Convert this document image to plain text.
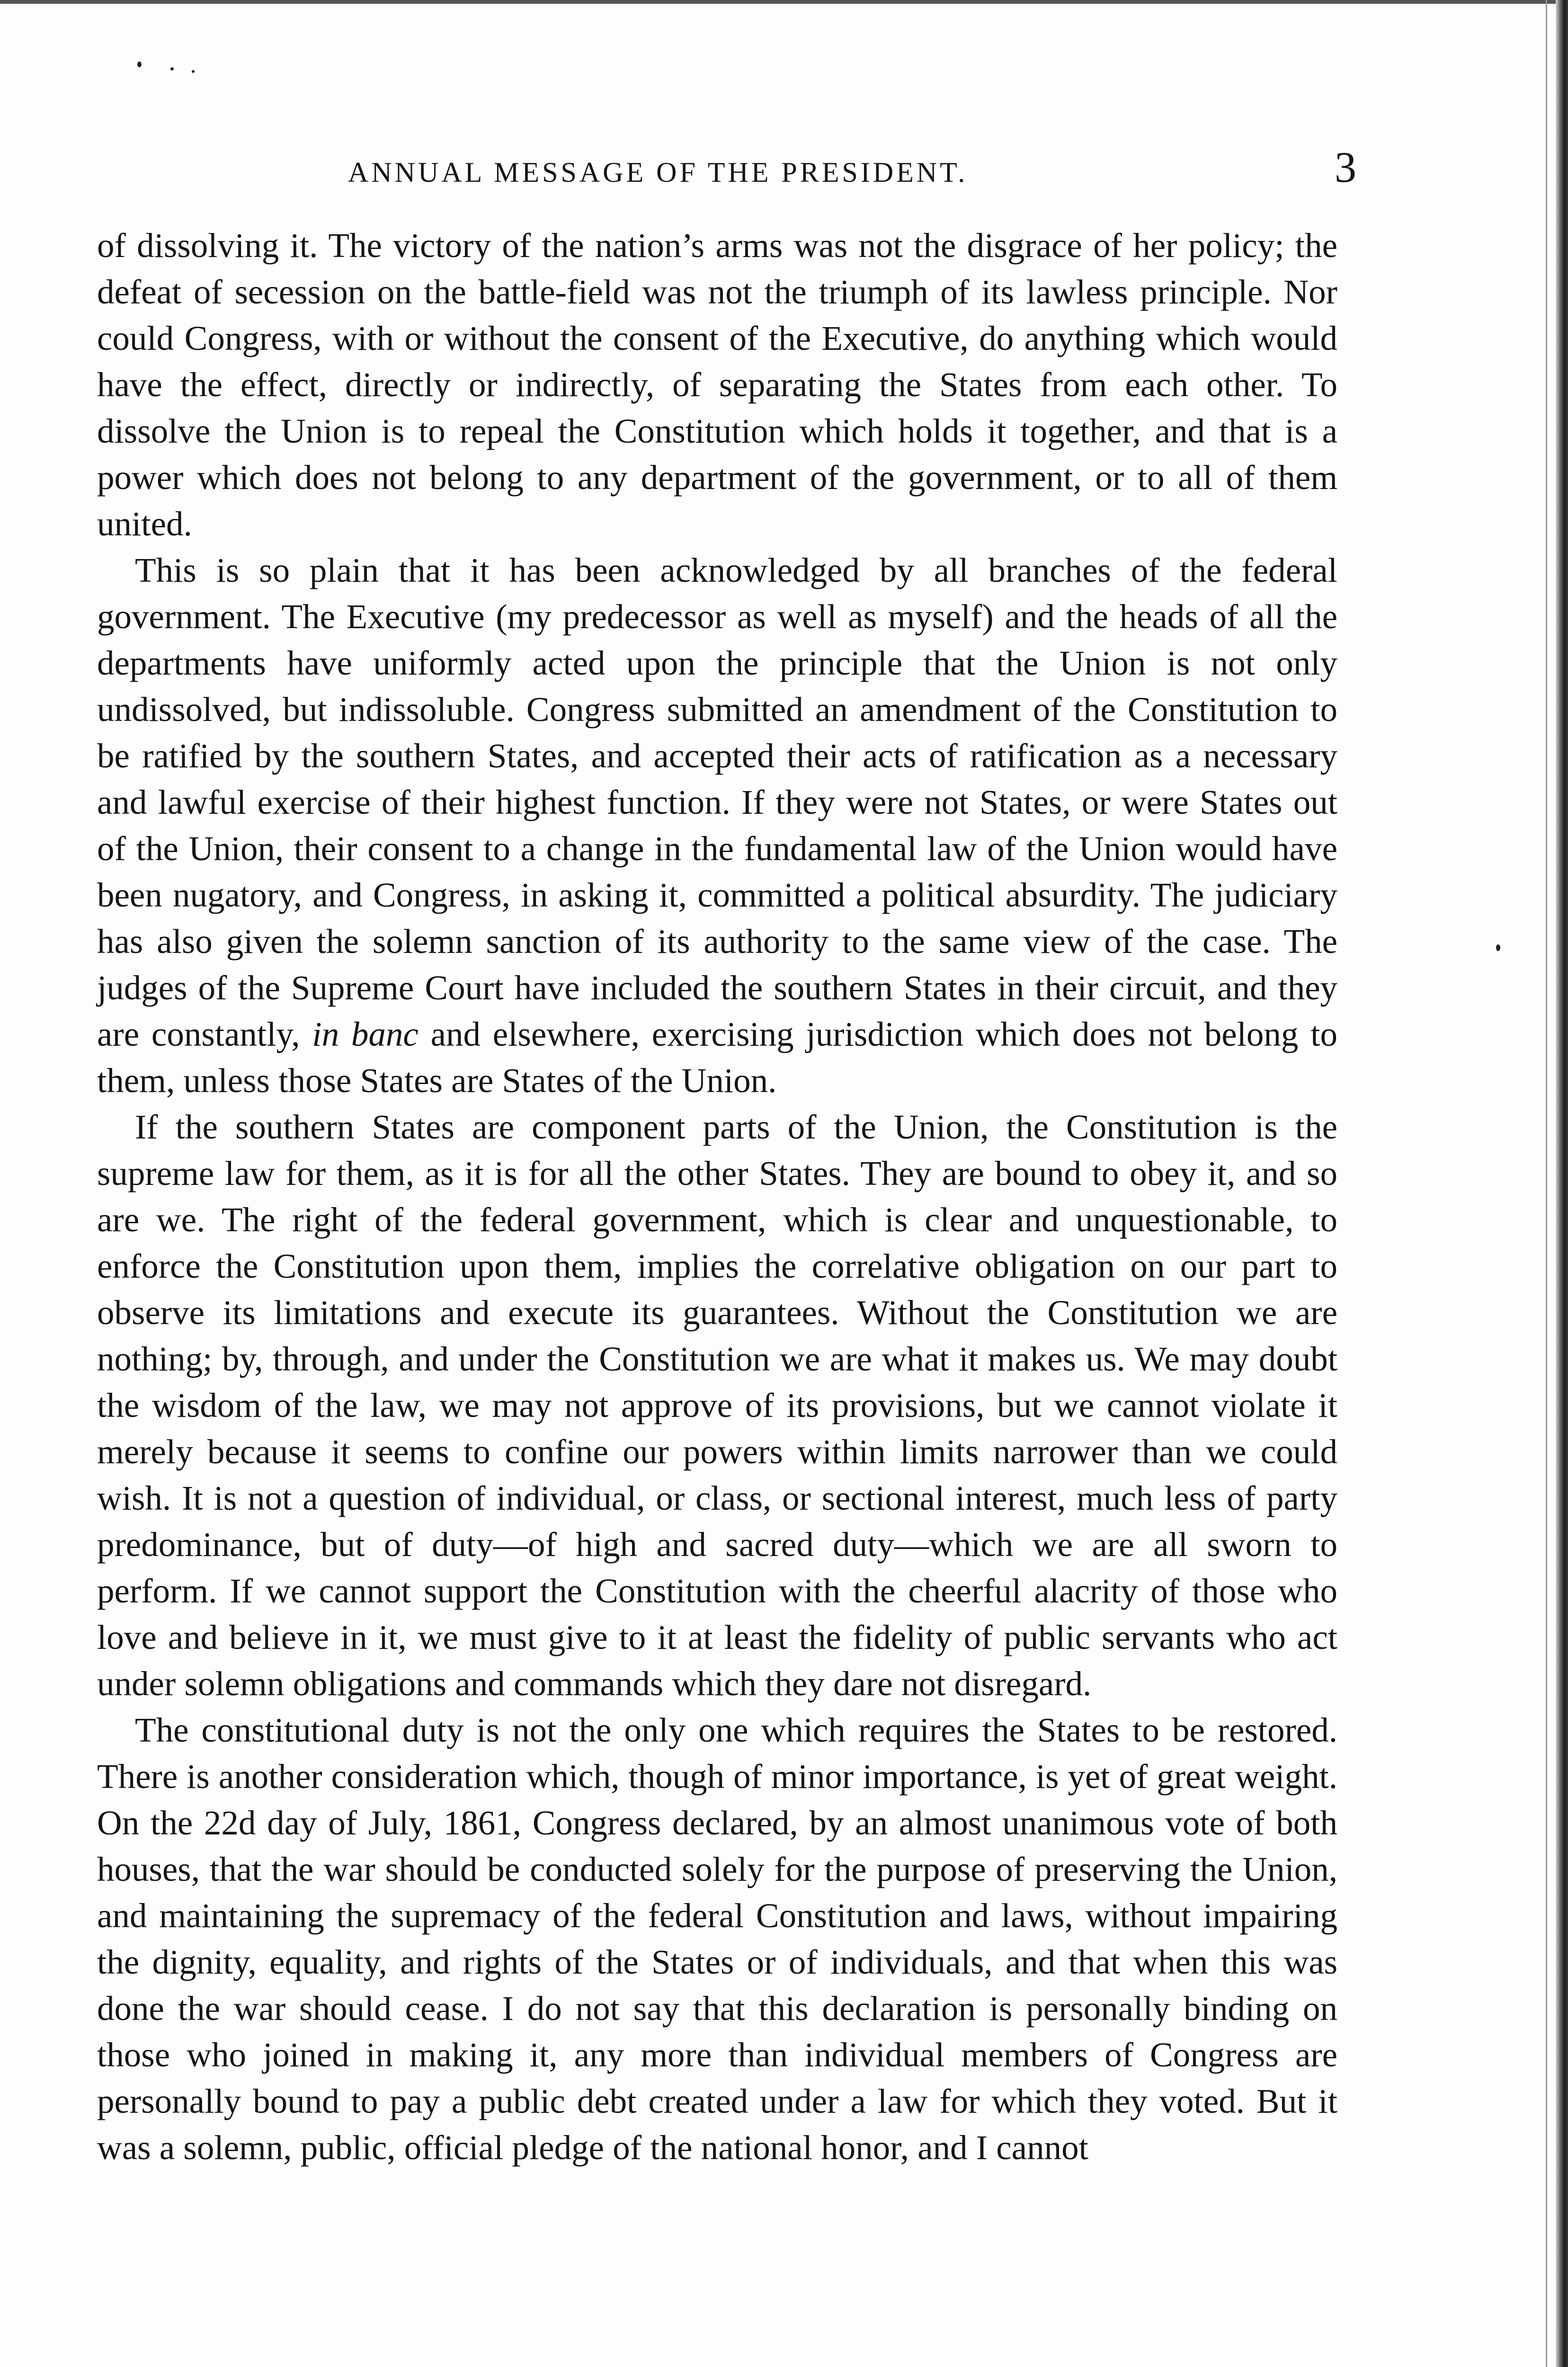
ANNUAL MESSAGE OF THE PRESIDENT.	3

of dissolving it. The victory of the nation’s arms was not the disgrace of her policy; the defeat of secession on the battle-field was not the triumph of its lawless principle. Nor could Congress, with or without the consent of the Executive, do anything which would have the effect, directly or indirectly, of separating the States from each other. To dissolve the Union is to repeal the Constitution which holds it together, and that is a power which does not belong to any department of the government, or to all of them united.

This is so plain that it has been acknowledged by all branches of the federal government. The Executive (my predecessor as well as myself) and the heads of all the departments have uniformly acted upon the principle that the Union is not only undissolved, but indissoluble. Congress submitted an amendment of the Constitution to be ratified by the southern States, and accepted their acts of ratification as a necessary and lawful exercise of their highest function. If they were not States, or were States out of the Union, their consent to a change in the fundamental law of the Union would have been nugatory, and Congress, in asking it, committed a political absurdity. The judiciary has also given the solemn sanction of its authority to the same view of the case. The judges of the Supreme Court have included the southern States in their circuit, and they are constantly, in banc and elsewhere, exercising jurisdiction which does not belong to them, unless those States are States of the Union.

If the southern States are component parts of the Union, the Constitution is the supreme law for them, as it is for all the other States. They are bound to obey it, and so are we. The right of the federal government, which is clear and unquestionable, to enforce the Constitution upon them, implies the correlative obligation on our part to observe its limitations and execute its guarantees. Without the Constitution we are nothing; by, through, and under the Constitution we are what it makes us. We may doubt the wisdom of the law, we may not approve of its provisions, but we cannot violate it merely because it seems to confine our powers within limits narrower than we could wish. It is not a question of individual, or class, or sectional interest, much less of party predominance, but of duty—of high and sacred duty—which we are all sworn to perform. If we cannot support the Constitution with the cheerful alacrity of those who love and believe in it, we must give to it at least the fidelity of public servants who act under solemn obligations and commands which they dare not disregard.

The constitutional duty is not the only one which requires the States to be restored. There is another consideration which, though of minor importance, is yet of great weight. On the 22d day of July, 1861, Congress declared, by an almost unanimous vote of both houses, that the war should be conducted solely for the purpose of preserving the Union, and maintaining the supremacy of the federal Constitution and laws, without impairing the dignity, equality, and rights of the States or of individuals, and that when this was done the war should cease. I do not say that this declaration is personally binding on those who joined in making it, any more than individual members of Congress are personally bound to pay a public debt created under a law for which they voted. But it was a solemn, public, official pledge of the national honor, and I cannot
